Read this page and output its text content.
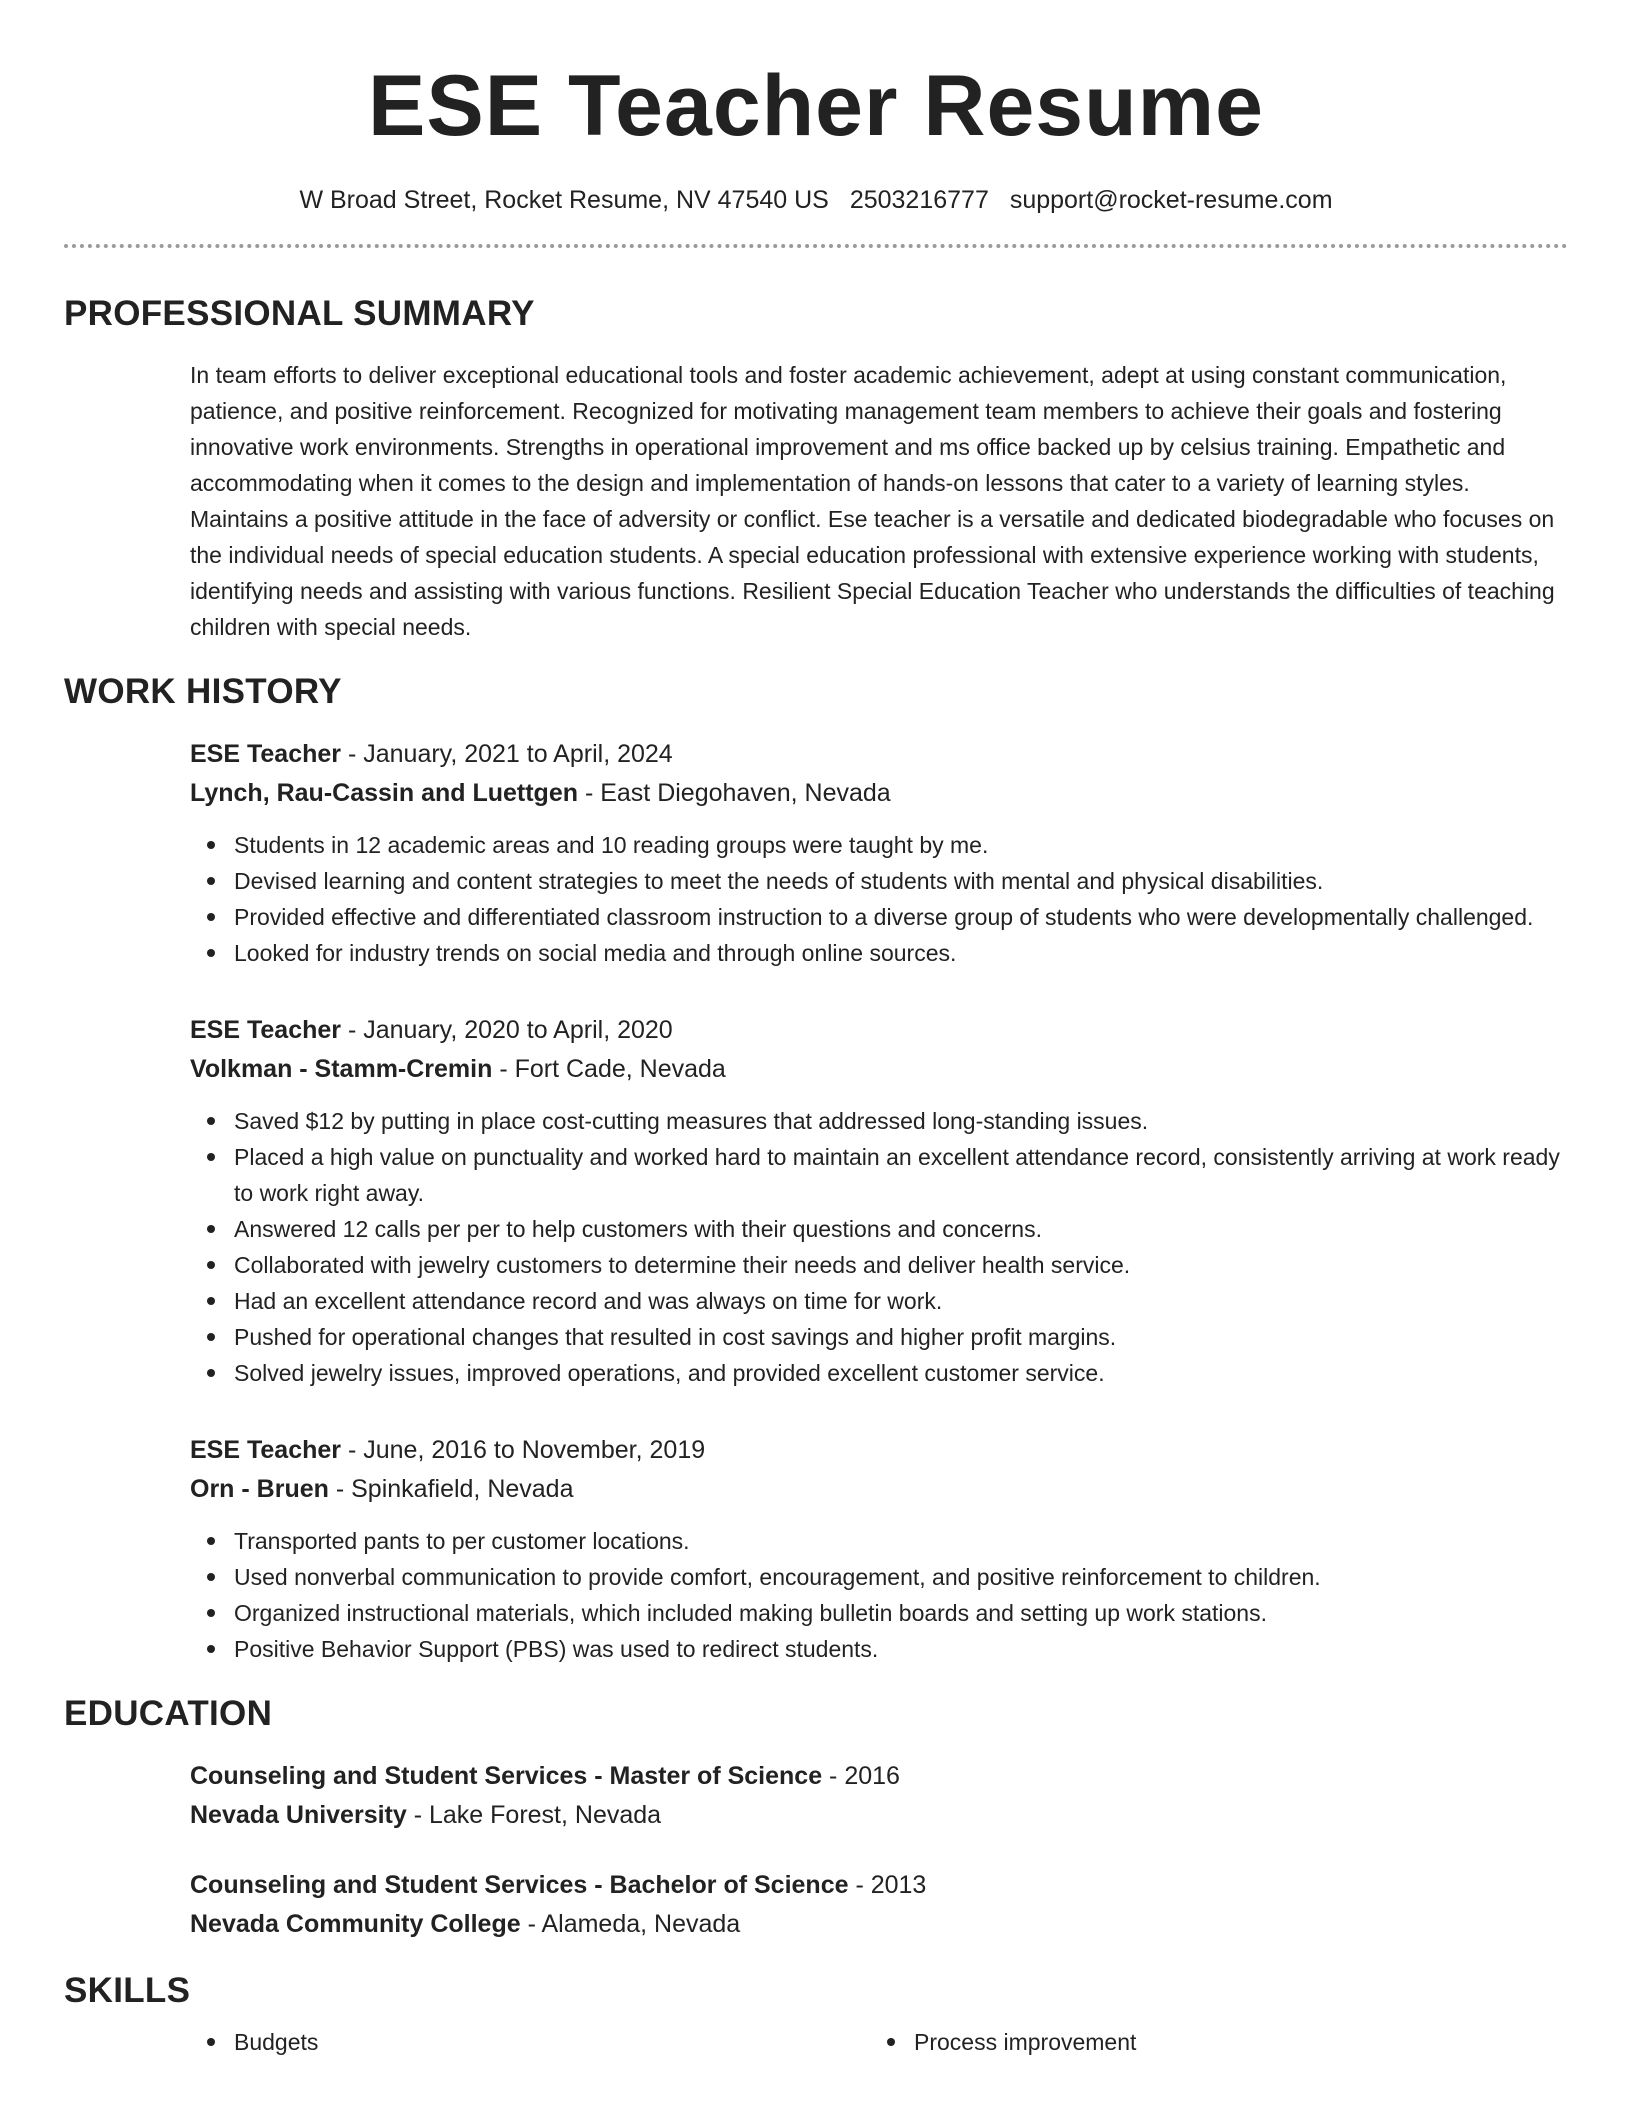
ESE Teacher Resume
W Broad Street, Rocket Resume, NV 47540 US 2503216777 support@rocket-resume.com
PROFESSIONAL SUMMARY

In team efforts to deliver exceptional educational tools and foster academic achievement, adept at using constant communication, patience, and positive reinforcement. Recognized for motivating management team members to achieve their goals and fostering innovative work environments. Strengths in operational improvement and ms office backed up by celsius training. Empathetic and accommodating when it comes to the design and implementation of hands-on lessons that cater to a variety of learning styles. Maintains a positive attitude in the face of adversity or conflict. Ese teacher is a versatile and dedicated biodegradable who focuses on the individual needs of special education students. A special education professional with extensive experience working with students, identifying needs and assisting with various functions. Resilient Special Education Teacher who understands the difficulties of teaching children with special needs.

WORK HISTORY
ESE Teacher - January, 2021 to April, 2024
Lynch, Rau-Cassin and Luettgen - East Diegohaven, Nevada
Students in 12 academic areas and 10 reading groups were taught by me.
Devised learning and content strategies to meet the needs of students with mental and physical disabilities.
Provided effective and differentiated classroom instruction to a diverse group of students who were developmentally challenged.
Looked for industry trends on social media and through online sources.
ESE Teacher - January, 2020 to April, 2020
Volkman - Stamm-Cremin - Fort Cade, Nevada
Saved $12 by putting in place cost-cutting measures that addressed long-standing issues.
Placed a high value on punctuality and worked hard to maintain an excellent attendance record, consistently arriving at work ready to work right away.
Answered 12 calls per per to help customers with their questions and concerns.
Collaborated with jewelry customers to determine their needs and deliver health service.
Had an excellent attendance record and was always on time for work.
Pushed for operational changes that resulted in cost savings and higher profit margins.
Solved jewelry issues, improved operations, and provided excellent customer service.
ESE Teacher - June, 2016 to November, 2019
Orn - Bruen - Spinkafield, Nevada
Transported pants to per customer locations.
Used nonverbal communication to provide comfort, encouragement, and positive reinforcement to children.
Organized instructional materials, which included making bulletin boards and setting up work stations.
Positive Behavior Support (PBS) was used to redirect students.
EDUCATION
Counseling and Student Services - Master of Science - 2016
Nevada University - Lake Forest, Nevada
Counseling and Student Services - Bachelor of Science - 2013
Nevada Community College - Alameda, Nevada
SKILLS
Budgets	Process improvement
